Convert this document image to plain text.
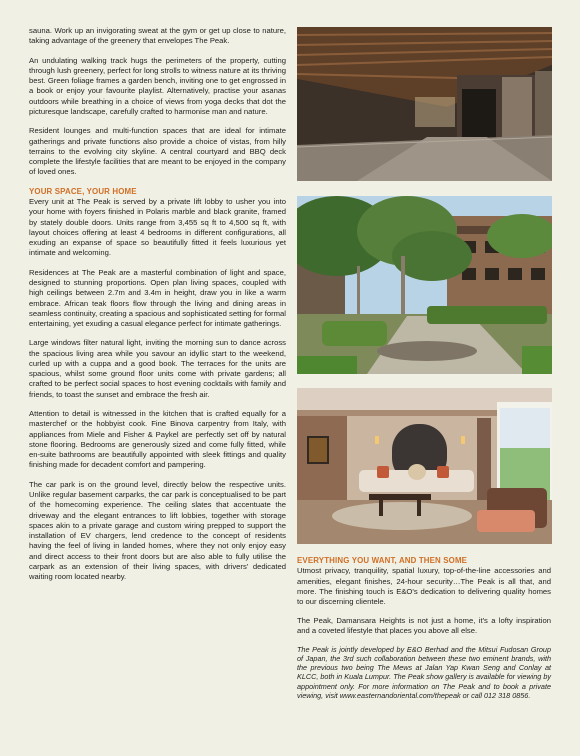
sauna. Work up an invigorating sweat at the gym or get up close to nature, taking advantage of the greenery that envelopes The Peak.

An undulating walking track hugs the perimeters of the property, cutting through lush greenery, perfect for long strolls to witness nature at its thriving best. Green foliage frames a garden bench, inviting one to get engrossed in a book or enjoy your favourite playlist. Alternatively, practise your asanas outdoors while breathing in a choice of views from yoga decks that dot the picturesque landscape, carefully crafted to harmonise man and nature.

Resident lounges and multi-function spaces that are ideal for intimate gatherings and private functions also provide a choice of vistas, from hilly terrains to the evolving city skyline. A central courtyard and BBQ deck complete the lifestyle facilities that are meant to be enjoyed in the company of loved ones.

YOUR SPACE, YOUR HOME

Every unit at The Peak is served by a private lift lobby to usher you into your home with foyers finished in Polaris marble and black granite, framed by stately double doors. Units range from 3,455 sq ft to 4,500 sq ft, with layout choices offering at least 4 bedrooms in different configurations, all exuding an expanse of space so beautifully fitted it feels luxurious yet intimate and welcoming.

Residences at The Peak are a masterful combination of light and space, designed to stunning proportions. Open plan living spaces, coupled with high ceilings between 2.7m and 3.4m in height, draw you in like a warm embrace. African teak floors flow through the living and dining areas in seamless continuity, creating a spacious and sophisticated setting for formal entertaining, yet exuding a casual elegance perfect for intimate gatherings.

Large windows filter natural light, inviting the morning sun to dance across the spacious living area while you savour an idyllic start to the weekend, curled up with a cuppa and a good book. The terraces for the units are spacious, whilst some ground floor units come with private gardens; all crafted to be perfect social spaces to host evening cocktails with family and friends, to toast the sunset and embrace the fresh air.

Attention to detail is witnessed in the kitchen that is crafted equally for a masterchef or the hobbyist cook. Fine Binova carpentry from Italy, with appliances from Miele and Fisher & Paykel are perfectly set off by natural stone flooring. Bedrooms are generously sized and come fully fitted, while en-suite bathrooms are beautifully appointed with sleek fittings and quality finishing made for decadent comfort and pampering.

The car park is on the ground level, directly below the respective units. Unlike regular basement carparks, the car park is conceptualised to be part of the homecoming experience. The ceiling slates that accentuate the driveway and the elegant entrances to lift lobbies, together with storage spaces akin to a private garage and custom wiring prepped to support the installation of EV chargers, lend credence to the concept of residents having the feel of living in landed homes, where they not only enjoy easy and direct access to their front doors but are also able to fully utilise the carpark as an extension of their living spaces, with drivers' dedicated waiting room located nearby.

EVERYTHING YOU WANT, AND THEN SOME

Utmost privacy, tranquility, spatial luxury, top-of-the-line accessories and amenities, elegant finishes, 24-hour security…The Peak is all that, and more. The finishing touch is E&O's dedication to delivering quality homes to our discerning clientele.

The Peak, Damansara Heights is not just a home, it's a lofty inspiration and a coveted lifestyle that places you above all else.

The Peak is jointly developed by E&O Berhad and the Mitsui Fudosan Group of Japan, the 3rd such collaboration between these two eminent brands, with the previous two being The Mews at Jalan Yap Kwan Seng and Conlay at KLCC, both in Kuala Lumpur. The Peak show gallery is available for viewing by appointment only. For more information on The Peak and to book a private viewing, visit www.easternandoriental.com/thepeak or call 012 318 0856.
